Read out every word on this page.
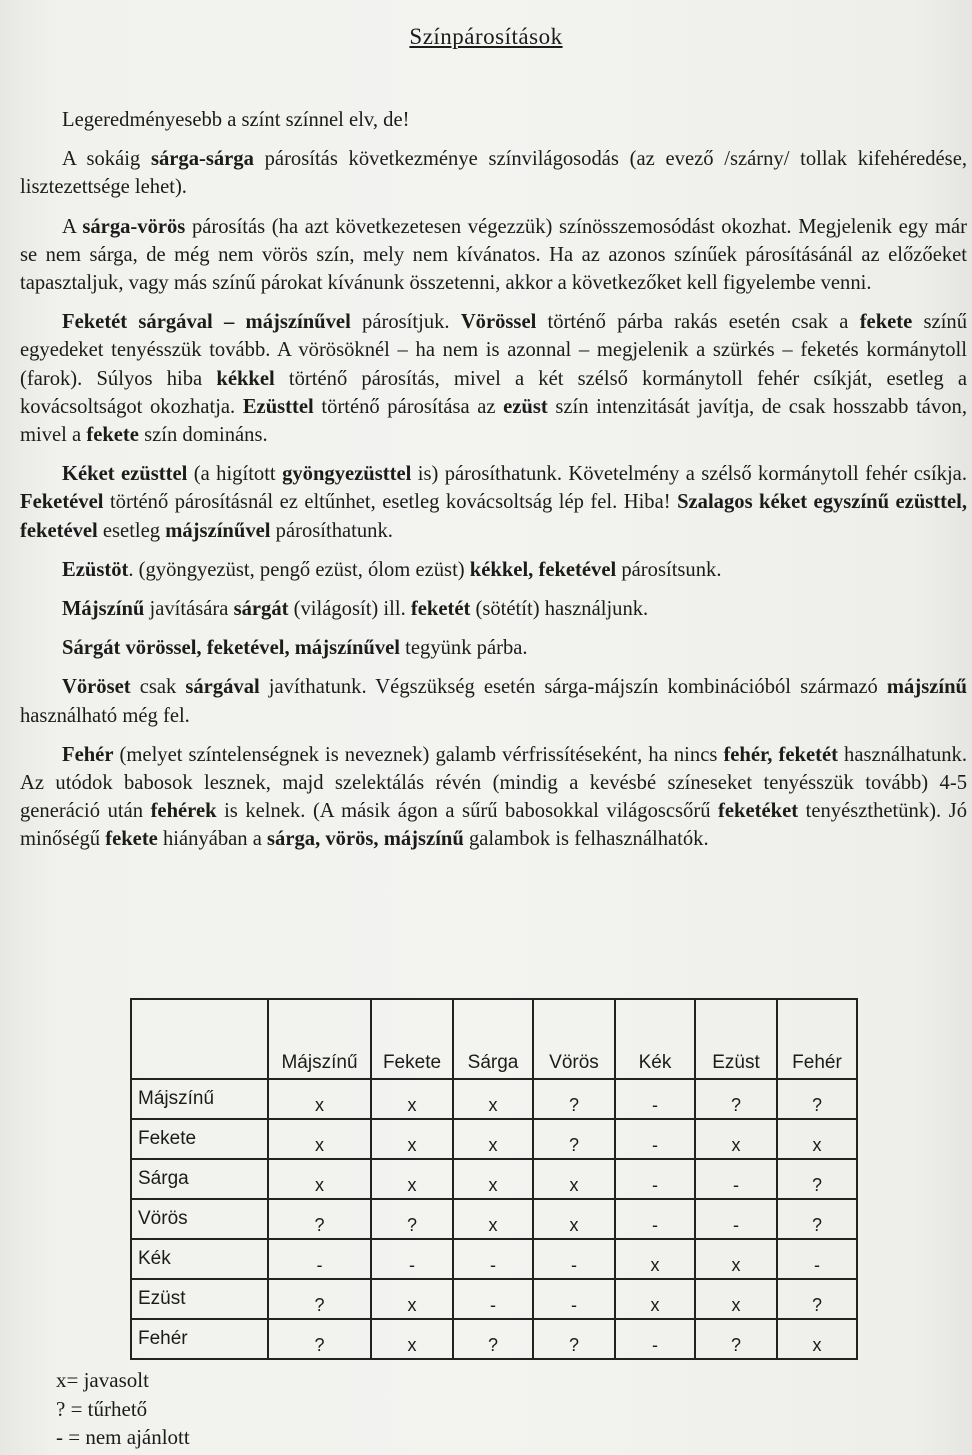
Színpárosítások

Legeredményesebb a színt színnel elv, de!

A sokáig sárga-sárga párosítás következménye színvilágosodás (az evező /szárny/ tollak kifehéredése, lisztezettsége lehet).

A sárga-vörös párosítás (ha azt következetesen végezzük) színösszemosódást okozhat. Megjelenik egy már se nem sárga, de még nem vörös szín, mely nem kívánatos. Ha az azonos színűek párosításánál az előzőeket tapasztaljuk, vagy más színű párokat kívánunk összetenni, akkor a következőket kell figyelembe venni.

Feketét sárgával – májszínűvel párosítjuk. Vörössel történő párba rakás esetén csak a fekete színű egyedeket tenyésszük tovább. A vörösöknél – ha nem is azonnal – megjelenik a szürkés – feketés kormánytoll (farok). Súlyos hiba kékkel történő párosítás, mivel a két szélső kormánytoll fehér csíkját, esetleg a kovácsoltságot okozhatja. Ezüsttel történő párosítása az ezüst szín intenzitását javítja, de csak hosszabb távon, mivel a fekete szín domináns.

Kéket ezüsttel (a higított gyöngyezüsttel is) párosíthatunk. Követelmény a szélső kormánytoll fehér csíkja. Feketével történő párosításnál ez eltűnhet, esetleg kovácsoltság lép fel. Hiba! Szalagos kéket egyszínű ezüsttel, feketével esetleg májszínűvel párosíthatunk.

Ezüstöt. (gyöngyezüst, pengő ezüst, ólom ezüst) kékkel, feketével párosítsunk.

Májszínű javítására sárgát (világosít) ill. feketét (sötétít) használjunk.

Sárgát vörössel, feketével, májszínűvel tegyünk párba.

Vöröset csak sárgával javíthatunk. Végszükség esetén sárga-májszín kombinációból származó májszínű használható még fel.

Fehér (melyet színtelenségnek is neveznek) galamb vérfrissítéseként, ha nincs fehér, feketét használhatunk. Az utódok babosok lesznek, majd szelektálás révén (mindig a kevésbé színeseket tenyésszük tovább) 4-5 generáció után fehérek is kelnek. (A másik ágon a sűrű babosokkal világoscsőrű feketéket tenyészthetünk). Jó minőségű fekete hiányában a sárga, vörös, májszínű galambok is felhasználhatók.

	Májszínű	Fekete	Sárga	Vörös	Kék	Ezüst	Fehér
Májszínű	x	x	x	?	-	?	?
Fekete	x	x	x	?	-	x	x
Sárga	x	x	x	x	-	-	?
Vörös	?	?	x	x	-	-	?
Kék	-	-	-	-	x	x	-
Ezüst	?	x	-	-	x	x	?
Fehér	?	x	?	?	-	?	x
x= javasolt
? = tűrhető
- = nem ajánlott
